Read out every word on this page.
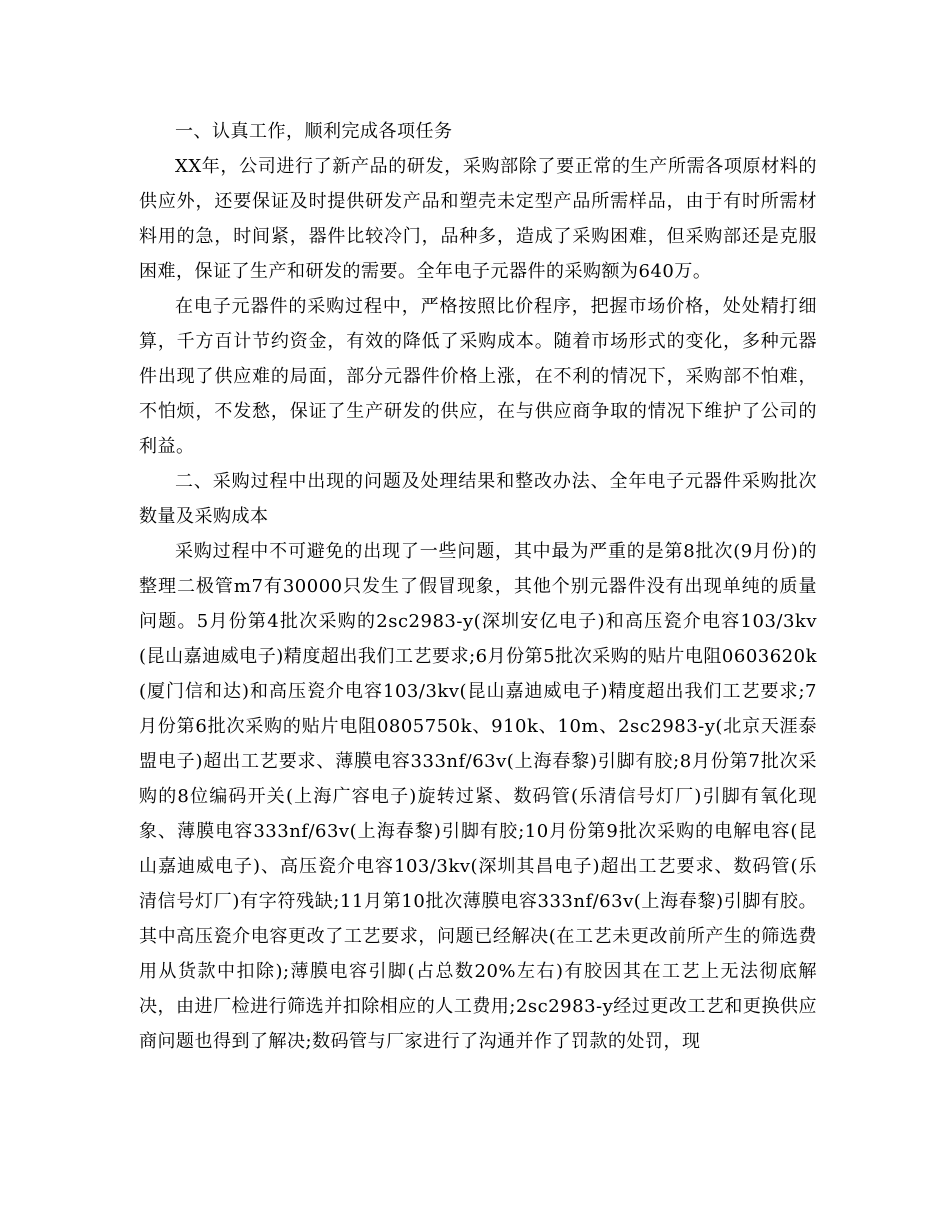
一、认真工作，顺利完成各项任务

XX年，公司进行了新产品的研发，采购部除了要正常的生产所需各项原材料的供应外，还要保证及时提供研发产品和塑壳未定型产品所需样品，由于有时所需材料用的急，时间紧，器件比较冷门，品种多，造成了采购困难，但采购部还是克服困难，保证了生产和研发的需要。全年电子元器件的采购额为640万。

在电子元器件的采购过程中，严格按照比价程序，把握市场价格，处处精打细算，千方百计节约资金，有效的降低了采购成本。随着市场形式的变化，多种元器件出现了供应难的局面，部分元器件价格上涨，在不利的情况下，采购部不怕难，不怕烦，不发愁，保证了生产研发的供应，在与供应商争取的情况下维护了公司的利益。

二、采购过程中出现的问题及处理结果和整改办法、全年电子元器件采购批次数量及采购成本

采购过程中不可避免的出现了一些问题，其中最为严重的是第8批次(9月份)的整理二极管m7有30000只发生了假冒现象，其他个别元器件没有出现单纯的质量问题。5月份第4批次采购的2sc2983-y(深圳安亿电子)和高压瓷介电容103/3kv(昆山嘉迪威电子)精度超出我们工艺要求;6月份第5批次采购的贴片电阻0603620k(厦门信和达)和高压瓷介电容103/3kv(昆山嘉迪威电子)精度超出我们工艺要求;7月份第6批次采购的贴片电阻0805750k、910k、10m、2sc2983-y(北京天涯泰盟电子)超出工艺要求、薄膜电容333nf/63v(上海春黎)引脚有胶;8月份第7批次采购的8位编码开关(上海广容电子)旋转过紧、数码管(乐清信号灯厂)引脚有氧化现象、薄膜电容333nf/63v(上海春黎)引脚有胶;10月份第9批次采购的电解电容(昆山嘉迪威电子)、高压瓷介电容103/3kv(深圳其昌电子)超出工艺要求、数码管(乐清信号灯厂)有字符残缺;11月第10批次薄膜电容333nf/63v(上海春黎)引脚有胶。其中高压瓷介电容更改了工艺要求，问题已经解决(在工艺未更改前所产生的筛选费用从货款中扣除);薄膜电容引脚(占总数20%左右)有胶因其在工艺上无法彻底解决，由进厂检进行筛选并扣除相应的人工费用;2sc2983-y经过更改工艺和更换供应商问题也得到了解决;数码管与厂家进行了沟通并作了罚款的处罚，现
